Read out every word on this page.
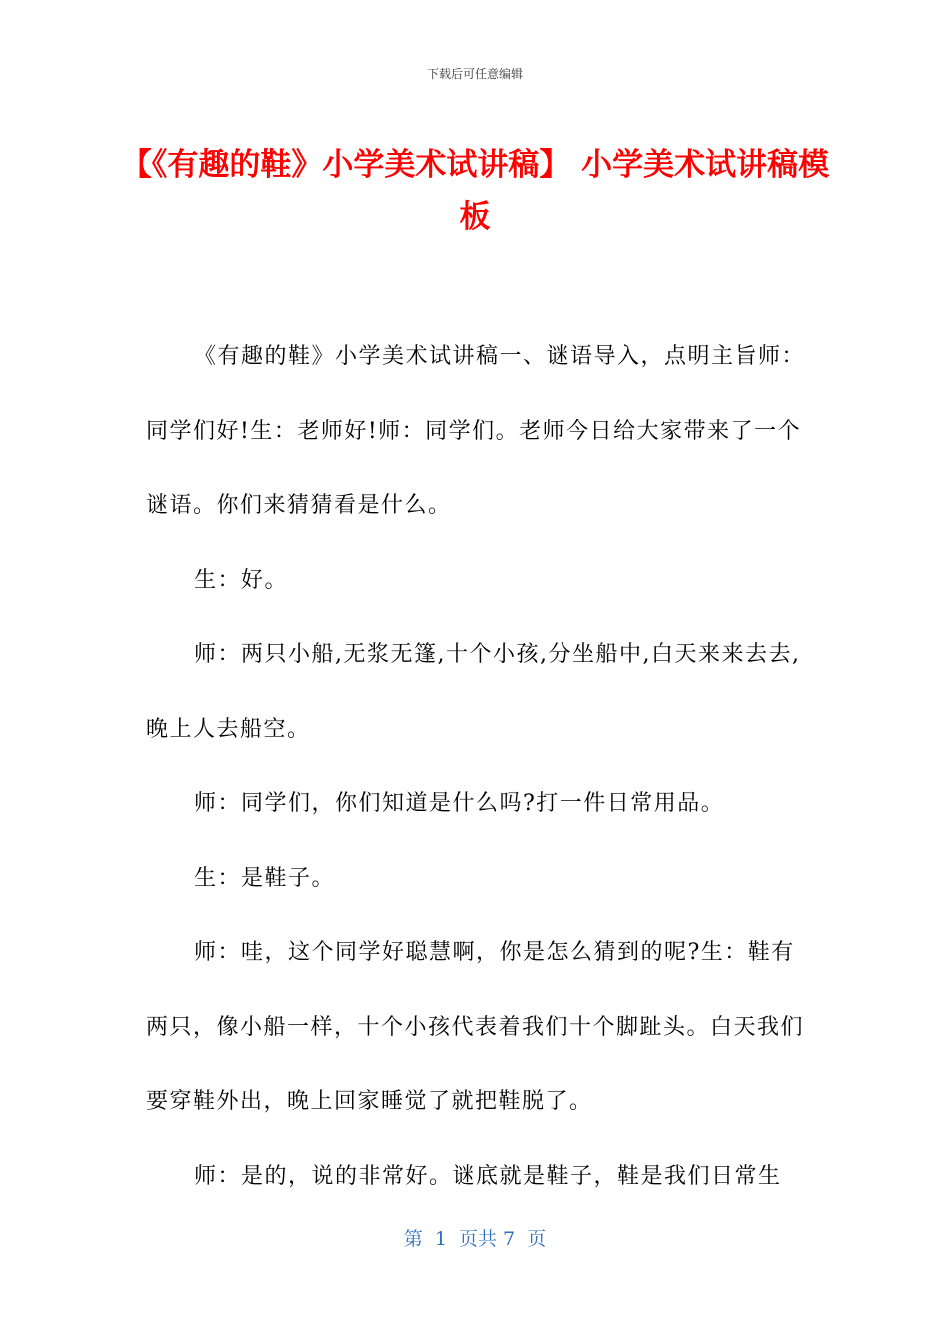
下载后可任意编辑
【《有趣的鞋》小学美术试讲稿】 小学美术试讲稿模板

《有趣的鞋》小学美术试讲稿一、谜语导入，点明主旨师：同学们好!生：老师好!师：同学们。老师今日给大家带来了一个谜语。你们来猜猜看是什么。

生：好。

师：两只小船,无浆无篷,十个小孩,分坐船中,白天来来去去,晚上人去船空。

师：同学们，你们知道是什么吗?打一件日常用品。

生：是鞋子。

师：哇，这个同学好聪慧啊，你是怎么猜到的呢?生：鞋有两只，像小船一样，十个小孩代表着我们十个脚趾头。白天我们要穿鞋外出，晚上回家睡觉了就把鞋脱了。

师：是的，说的非常好。谜底就是鞋子，鞋是我们日常生

第  1  页共 7  页
